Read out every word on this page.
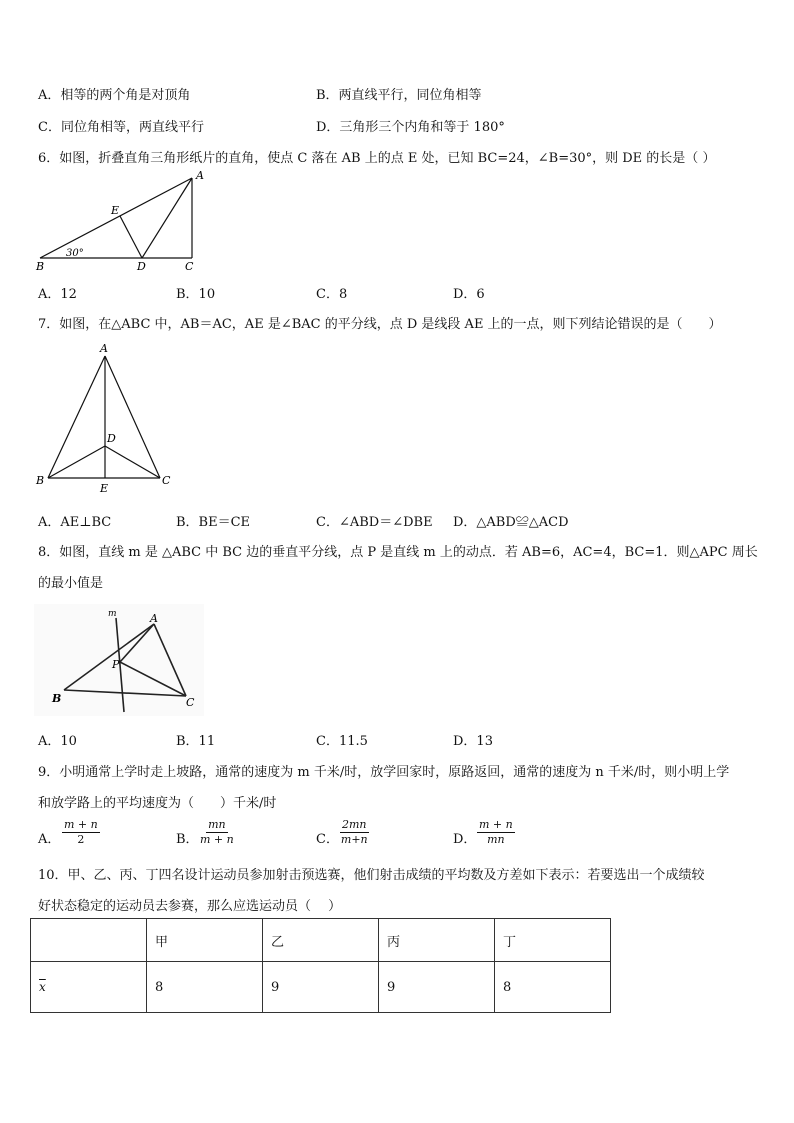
A．相等的两个角是对顶角	B．两直线平行，同位角相等
C．同位角相等，两直线平行	D．三角形三个内角和等于 180°
6．如图，折叠直角三角形纸片的直角，使点 C 落在 AB 上的点 E 处，已知 BC=24，∠B=30°，则 DE 的长是（ ）
A
B	C
D
E
30°
A．12	B．10	C．8	D．6
7．如图，在△ABC 中，AB＝AC，AE 是∠BAC 的平分线，点 D 是线段 AE 上的一点，则下列结论错误的是（　　）
A
B	C
D
E
A．AE⊥BC	B．BE＝CE	C．∠ABD＝∠DBE D．△ABD≌△ACD
8．如图，直线 m 是 △ABC 中 BC 边的垂直平分线，点 P 是直线 m 上的动点．若 AB=6，AC=4，BC=1．则△APC 周长
的最小值是
m	A
B	C
P
A．10	B．11	C．11.5	D．13
9．小明通常上学时走上坡路，通常的速度为 m 千米/时，放学回家时，原路返回，通常的速度为 n 千米/时，则小明上学
和放学路上的平均速度为（　　）千米/时
A． $\frac{m + n}{2}$	B． $\frac{mn}{m + n}$	C． $\frac{2mn}{m+n}$	D． $\frac{m + n}{mn}$
10．甲、乙、丙、丁四名设计运动员参加射击预选赛，他们射击成绩的平均数及方差如下表示：若要选出一个成绩较
好状态稳定的运动员去参赛，那么应选运动员（　 ）
	甲	乙	丙	丁
$\overline{x}$	8	9	9	8
